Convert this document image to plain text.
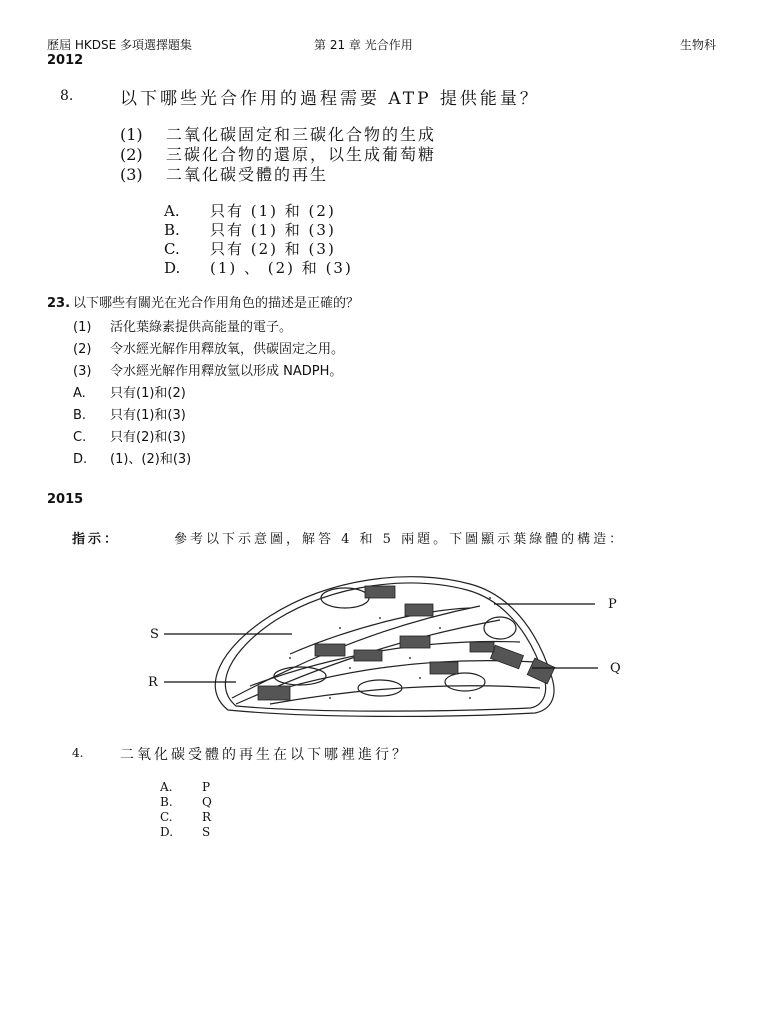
歷屆 HKDSE 多項選擇題集	第 21 章 光合作用	生物科
2012
8.	以下哪些光合作用的過程需要 ATP 提供能量？
(1) 二氧化碳固定和三碳化合物的生成
(2) 三碳化合物的還原，以生成葡萄糖
(3) 二氧化碳受體的再生
A. 只有 (1) 和 (2)
B. 只有 (1) 和 (3)
C. 只有 (2) 和 (3)
D. (1) 、 (2) 和 (3)
23. 以下哪些有關光在光合作用角色的描述是正確的？
(1) 活化葉綠素提供高能量的電子。
(2) 令水經光解作用釋放氧，供碳固定之用。
(3) 令水經光解作用釋放氫以形成 NADPH。
A. 只有(1)和(2)
B. 只有(1)和(3)
C. 只有(2)和(3)
D. (1)、(2)和(3)
2015
指示：	參考以下示意圖，解答 4 和 5 兩題。下圖顯示葉綠體的構造：
P
Q
S
R
4.	二氧化碳受體的再生在以下哪裡進行？
A. P
B. Q
C. R
D. S
